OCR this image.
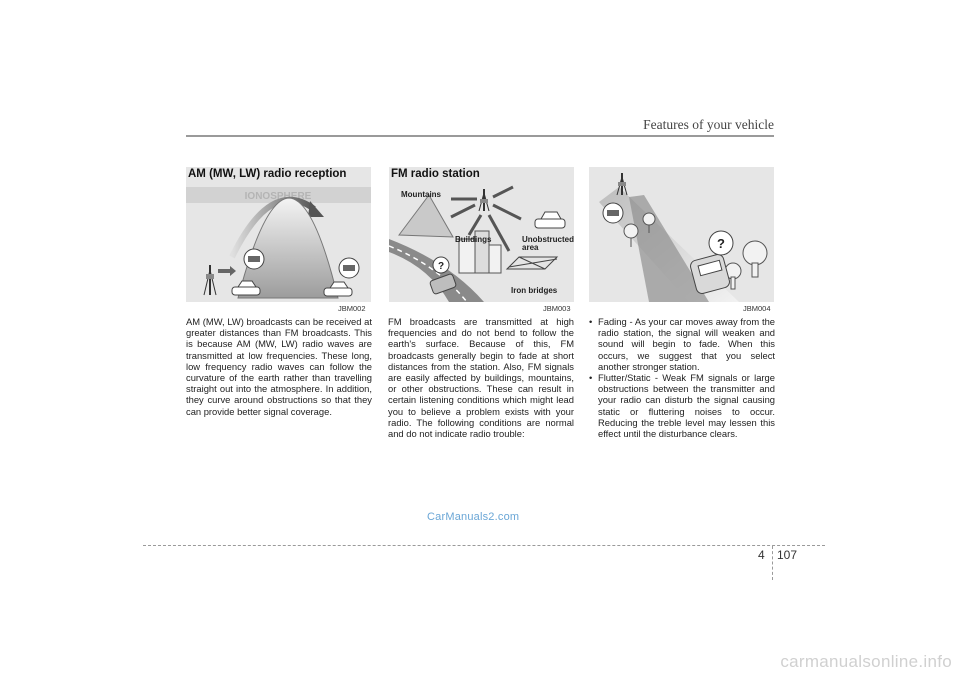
Features of your vehicle
IONOSPHERE
AM (MW, LW) radio reception
JBM002
?
Mountains
Buildings	Unobstructed
area
Iron bridges
FM radio station
JBM003
?
JBM004

AM (MW, LW) broadcasts can be received at greater distances than FM broadcasts. This is because AM (MW, LW) radio waves are transmitted at low frequencies. These long, low frequency radio waves can follow the curvature of the earth rather than travelling straight out into the atmosphere. In addition, they curve around obstructions so that they can provide better signal coverage.

FM broadcasts are transmitted at high frequencies and do not bend to follow the earth's surface. Because of this, FM broadcasts generally begin to fade at short distances from the station. Also, FM signals are easily affected by buildings, mountains, or other obstructions. These can result in certain listening conditions which might lead you to believe a problem exists with your radio. The following conditions are normal and do not indicate radio trouble:

• Fading - As your car moves away from the radio station, the signal will weaken and sound will begin to fade. When this occurs, we suggest that you select another stronger station.
• Flutter/Static - Weak FM signals or large obstructions between the transmitter and your radio can disturb the signal causing static or fluttering noises to occur. Reducing the treble level may lessen this effect until the disturbance clears.
CarManuals2.com
4 107
carmanualsonline.info
